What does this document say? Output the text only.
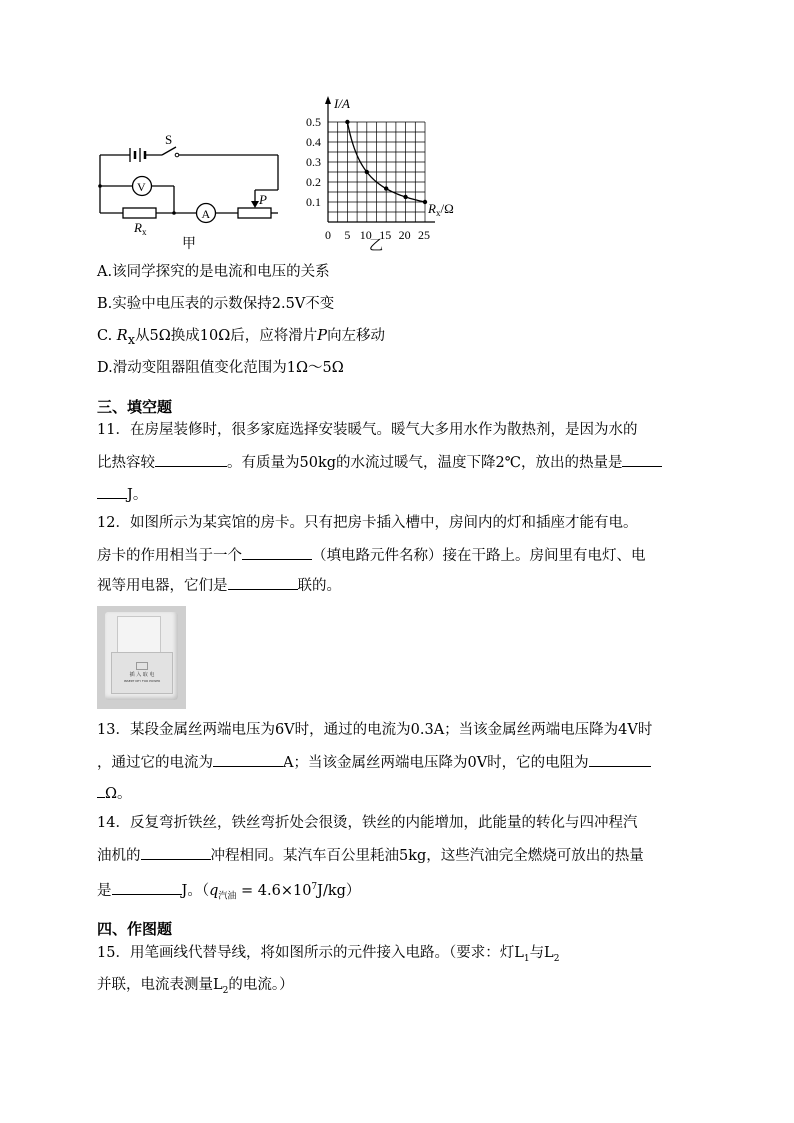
S
V
A
P
$R_x$
甲
0.5
0.4
0.3
0.2
0.1
0 5 10 15 20 25
I/A
$R_x/\Omega$
乙
A.该同学探究的是电流和电压的关系
B.实验中电压表的示数保持2.5V不变
C. $R_x$从5Ω换成10Ω后，应将滑片P向左移动
D.滑动变阻器阻值变化范围为1Ω～5Ω
三、填空题
11．在房屋装修时，很多家庭选择安装暖气。暖气大多用水作为散热剂，是因为水的
比热容较	。有质量为50kg的水流过暖气，温度下降2℃，放出的热量是
J。
12．如图所示为某宾馆的房卡。只有把房卡插入槽中，房间内的灯和插座才能有电。
房卡的作用相当于一个	（填电路元件名称）接在干路上。房间里有电灯、电
视等用电器，它们是	联的。
插 入 取 电
INSERT KEY FOR POWER
13．某段金属丝两端电压为6V时，通过的电流为0.3A；当该金属丝两端电压降为4V时
，通过它的电流为	A；当该金属丝两端电压降为0V时，它的电阻为
Ω。
14．反复弯折铁丝，铁丝弯折处会很烫，铁丝的内能增加，此能量的转化与四冲程汽
油机的	冲程相同。某汽车百公里耗油5kg，这些汽油完全燃烧可放出的热量
是	J。$(q_{汽油} = 4.6\times 10^7J/kg)$
四、作图题
15．用笔画线代替导线，将如图所示的元件接入电路。（要求：灯$L_1$与$L_2$
并联，电流表测量$L_2$的电流。）
